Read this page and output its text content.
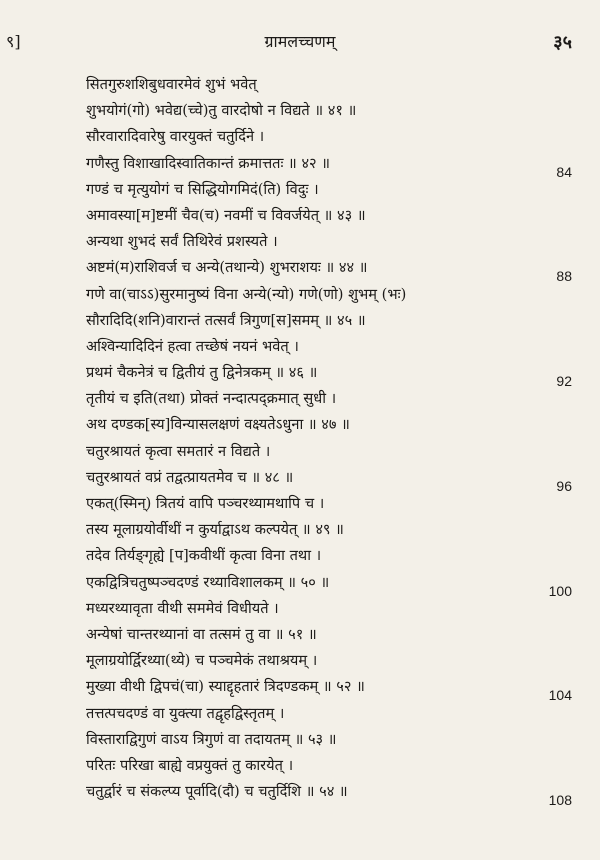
९]	ग्रामलच्चणम्	३५
सितगुरुशशिबुधवारमेवं शुभं भवेत्
शुभयोगं(गो) भवेद्य(च्चे)तु वारदोषो न विद्यते ॥ ४१ ॥
सौरवारादिवारेषु वारयुक्तं चतुर्दिने ।
गणैस्तु विशाखादिस्वातिकान्तं क्रमात्ततः ॥ ४२ ॥	84
गण्डं च मृत्युयोगं च सिद्धियोगमिदं(ति) विदुः ।
अमावस्या[म]ष्टमीं चैव(च) नवमीं च विवर्जयेत् ॥ ४३ ॥
अन्यथा शुभदं सर्वं तिथिरेवं प्रशस्यते ।
अष्टमं(म)राशिवर्ज च अन्ये(तथान्ये) शुभराशयः ॥ ४४ ॥	88
गणे वा(चाऽऽ)सुरमानुष्यं विना अन्ये(न्यो) गणे(णो) शुभम् (भः)
सौरादिदि(शनि)वारान्तं तत्सर्वं त्रिगुण[स]समम् ॥ ४५ ॥
अश्विन्यादिदिनं हत्वा तच्छेषं नयनं भवेत् ।
प्रथमं चैकनेत्रं च द्वितीयं तु द्विनेत्रकम् ॥ ४६ ॥	92
तृतीयं च इति(तथा) प्रोक्तं नन्दात्पद्क्रमात् सुधी ।
अथ दण्डक[स्य]विन्यासलक्षणं वक्ष्यतेऽधुना ॥ ४७ ॥
चतुरश्रायतं कृत्वा समतारं न विद्यते ।
चतुरश्रायतं वप्रं तद्वत्प्रायतमेव च ॥ ४८ ॥	96
एकत्(स्मिन्) त्रितयं वापि पञ्चरथ्यामथापि च ।
तस्य मूलाग्रयोर्वीथीं न कुर्याद्वाऽथ कल्पयेत् ॥ ४९ ॥
तदेव तिर्यङ्गृह्ये [प]कवीथीं कृत्वा विना तथा ।
एकद्वित्रिचतुष्पञ्चदण्डं रथ्याविशालकम् ॥ ५० ॥	100
मध्यरथ्यावृता वीथी सममेवं विधीयते ।
अन्येषां चान्तरथ्यानां वा तत्समं तु वा ॥ ५१ ॥
मूलाग्रयोर्द्विरथ्या(थ्ये) च पञ्चमेकं तथाश्रयम् ।
मुख्या वीथी द्विपचं(चा) स्याद्दृहतारं त्रिदण्डकम् ॥ ५२ ॥	104
तत्तत्पचदण्डं वा युक्त्या तद्वृहद्विस्तृतम् ।
विस्ताराद्विगुणं वाऽय त्रिगुणं वा तदायतम् ॥ ५३ ॥
परितः परिखा बाह्ये वप्रयुक्तं तु कारयेत् ।
चतुर्द्वारं च संकल्प्य पूर्वादि(दौ) च चतुर्दिशि ॥ ५४ ॥	108
